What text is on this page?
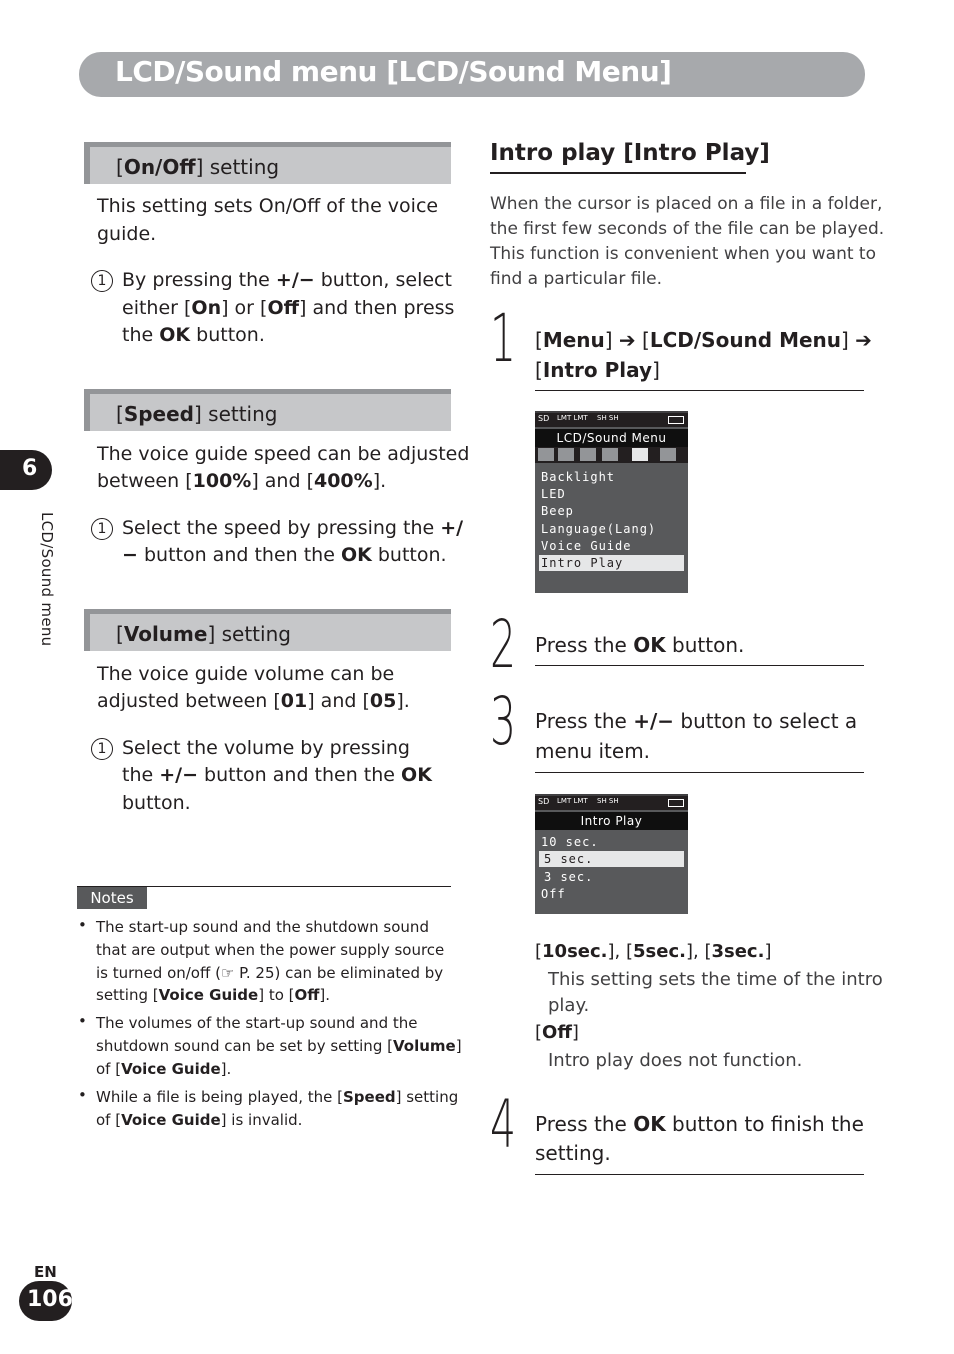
LCD/Sound menu [LCD/Sound Menu]
6
LCD/Sound menu
[On/Off] setting
This setting sets On/Off of the voice
guide.
1 By pressing the +/− button, select
either [On] or [Off] and then press
the OK button.
[Speed] setting
The voice guide speed can be adjusted
between [100%] and [400%].
1 Select the speed by pressing the +/
− button and then the OK button.
[Volume] setting
The voice guide volume can be
adjusted between [01] and [05].
1 Select the volume by pressing
the +/− button and then the OK
button.
Notes
• The start-up sound and the shutdown sound
that are output when the power supply source
is turned on/off (☞ P. 25) can be eliminated by
setting [Voice Guide] to [Off].
• The volumes of the start-up sound and the
shutdown sound can be set by setting [Volume]
of [Voice Guide].
• While a file is being played, the [Speed] setting
of [Voice Guide] is invalid.
Intro play [Intro Play]
When the cursor is placed on a file in a folder,
the first few seconds of the file can be played.
This function is convenient when you want to
find a particular file.
1 [Menu] ➔ [LCD/Sound Menu] ➔
[Intro Play]
SD LMT LMT SH SH
LCD/Sound Menu
Backlight
LED
Beep
Language(Lang)
Voice Guide
Intro Play
2 Press the OK button.
3 Press the +/− button to select a
menu item.
SD LMT LMT SH SH
Intro Play
10 sec.
5 sec.
3 sec.
Off
[10sec.], [5sec.], [3sec.]
This setting sets the time of the intro
play.
[Off]
Intro play does not function.
4 Press the OK button to finish the
setting.
EN
106
